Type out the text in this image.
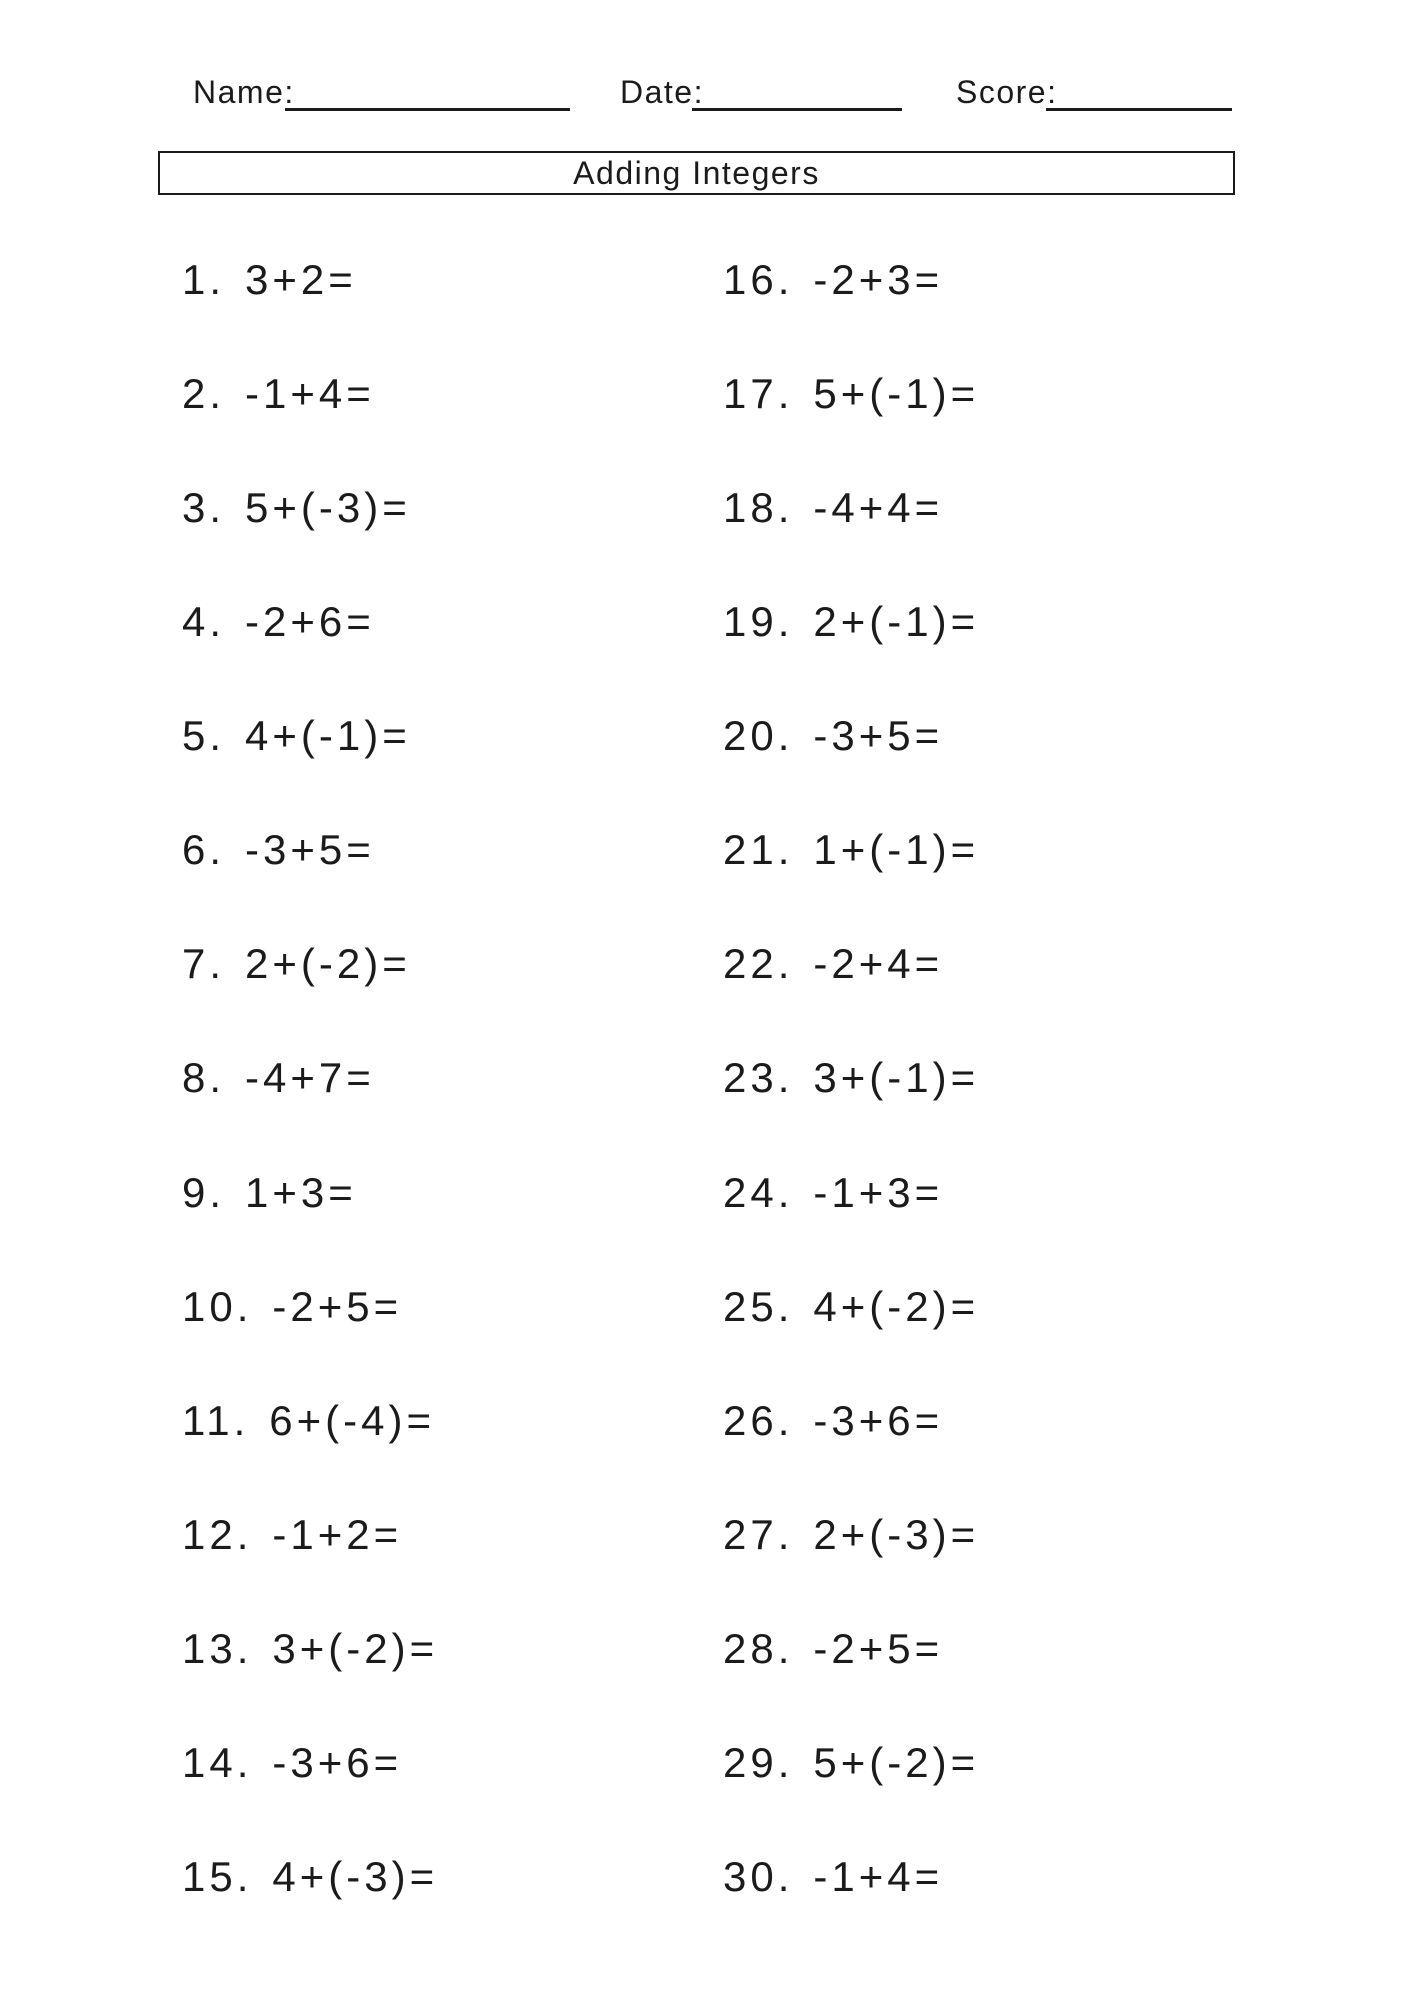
Name:	Date:	Score:
Adding Integers
1. 3+2=
2. -1+4=
3. 5+(-3)=
4. -2+6=
5. 4+(-1)=
6. -3+5=
7. 2+(-2)=
8. -4+7=
9. 1+3=
10. -2+5=
11. 6+(-4)=
12. -1+2=
13. 3+(-2)=
14. -3+6=
15. 4+(-3)=
16. -2+3=
17. 5+(-1)=
18. -4+4=
19. 2+(-1)=
20. -3+5=
21. 1+(-1)=
22. -2+4=
23. 3+(-1)=
24. -1+3=
25. 4+(-2)=
26. -3+6=
27. 2+(-3)=
28. -2+5=
29. 5+(-2)=
30. -1+4=
